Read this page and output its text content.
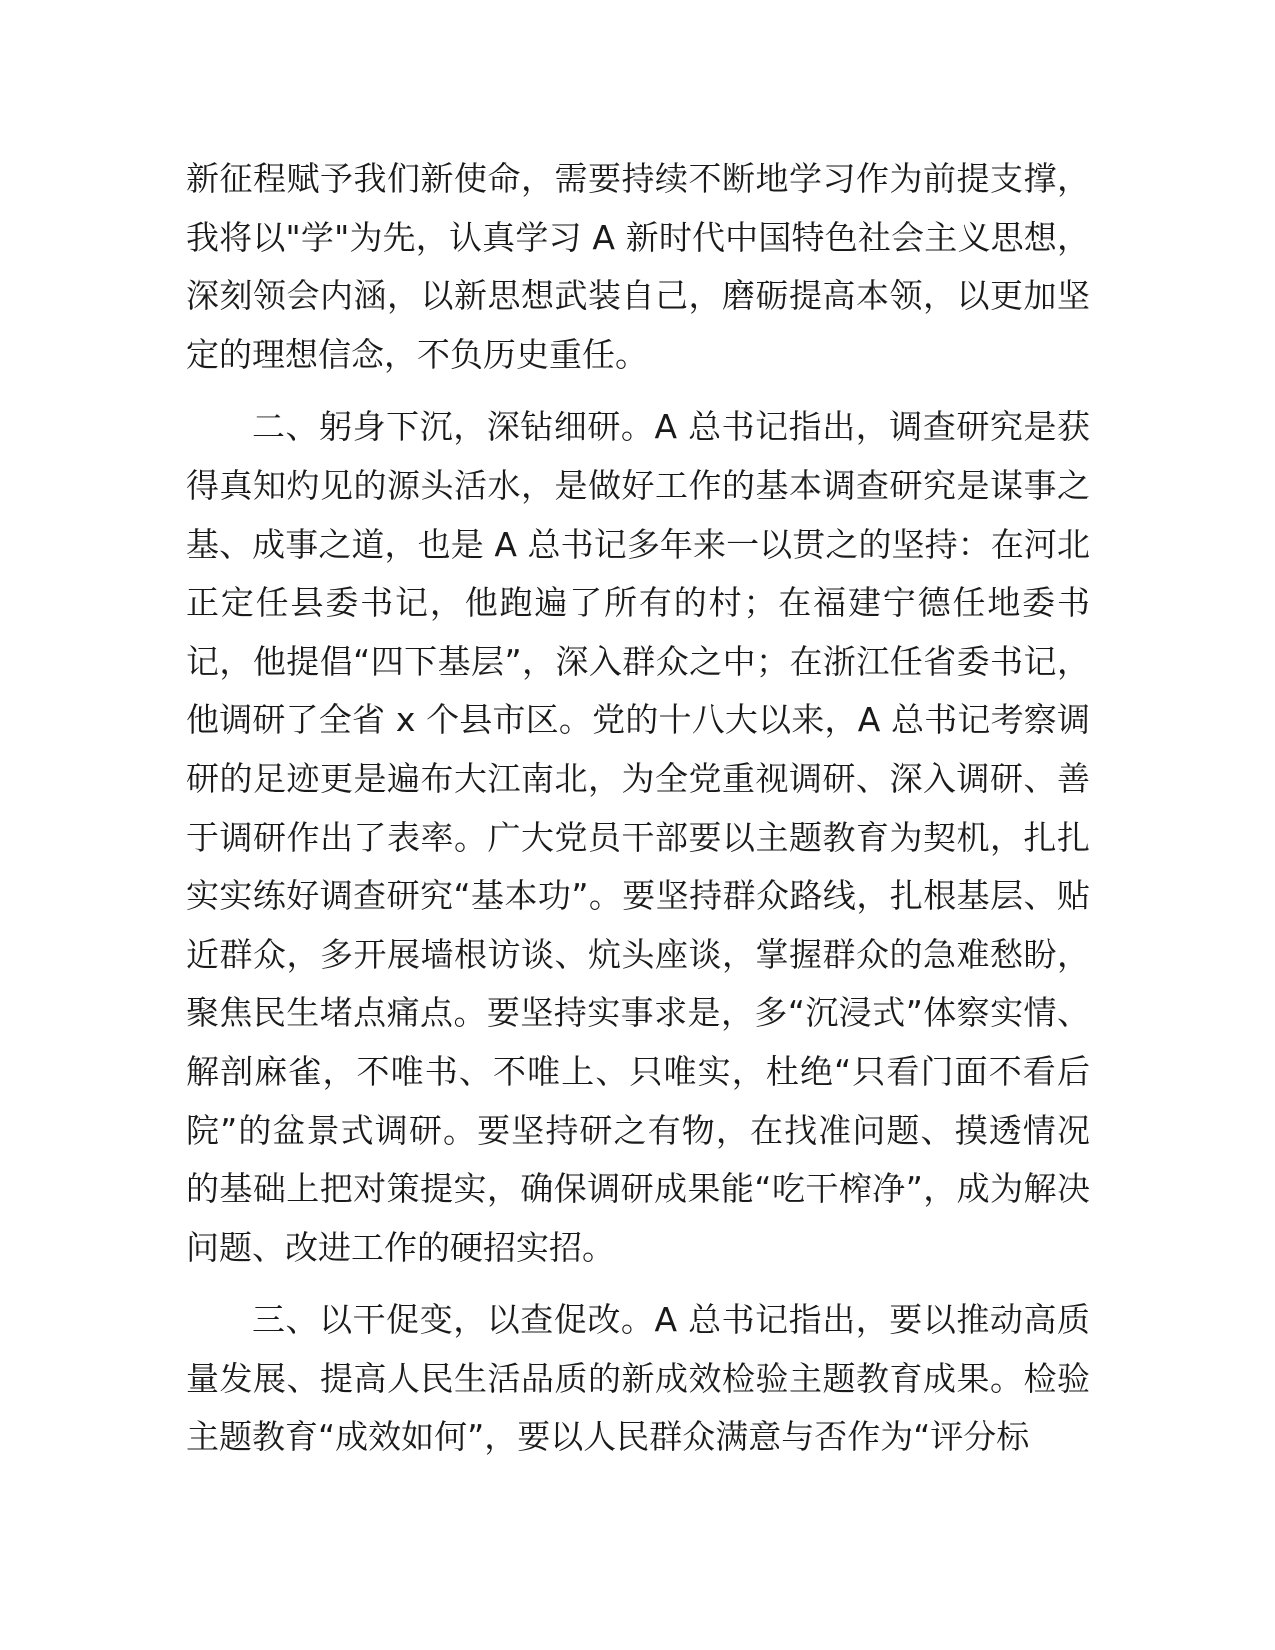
新征程赋予我们新使命，需要持续不断地学习作为前提支撑，我将以"学"为先，认真学习 A 新时代中国特色社会主义思想，深刻领会内涵，以新思想武装自己，磨砺提高本领，以更加坚定的理想信念，不负历史重任。

二、躬身下沉，深钻细研。A 总书记指出，调查研究是获得真知灼见的源头活水，是做好工作的基本调查研究是谋事之基、成事之道，也是 A 总书记多年来一以贯之的坚持：在河北正定任县委书记，他跑遍了所有的村；在福建宁德任地委书记，他提倡“四下基层”，深入群众之中；在浙江任省委书记，他调研了全省 x 个县市区。党的十八大以来，A 总书记考察调研的足迹更是遍布大江南北，为全党重视调研、深入调研、善于调研作出了表率。广大党员干部要以主题教育为契机，扎扎实实练好调查研究“基本功”。要坚持群众路线，扎根基层、贴近群众，多开展墙根访谈、炕头座谈，掌握群众的急难愁盼，聚焦民生堵点痛点。要坚持实事求是，多“沉浸式”体察实情、解剖麻雀，不唯书、不唯上、只唯实，杜绝“只看门面不看后院”的盆景式调研。要坚持研之有物，在找准问题、摸透情况的基础上把对策提实，确保调研成果能“吃干榨净”，成为解决问题、改进工作的硬招实招。

三、以干促变，以查促改。A 总书记指出，要以推动高质量发展、提高人民生活品质的新成效检验主题教育成果。检验主题教育“成效如何”，要以人民群众满意与否作为“评分标
